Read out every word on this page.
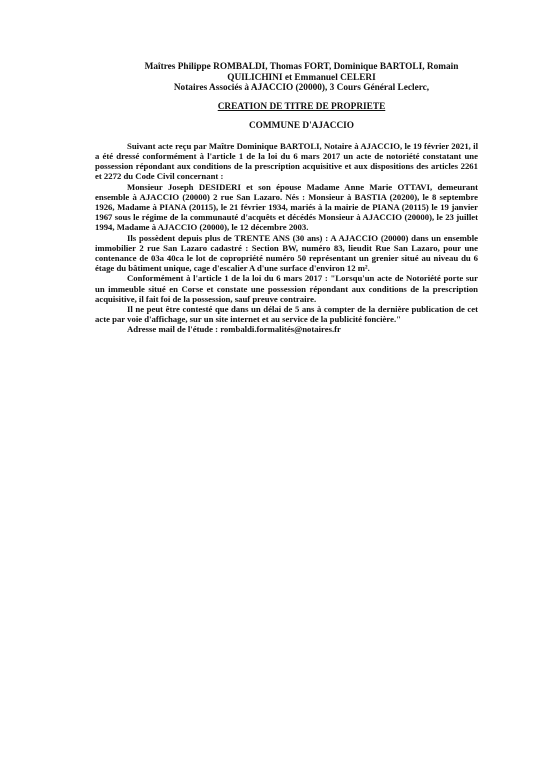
Maîtres Philippe ROMBALDI, Thomas FORT, Dominique BARTOLI, Romain
QUILICHINI et Emmanuel CELERI
Notaires Associés à AJACCIO (20000), 3 Cours Général Leclerc,
CREATION DE TITRE DE PROPRIETE
COMMUNE D'AJACCIO

Suivant acte reçu par Maître Dominique BARTOLI, Notaire à AJACCIO, le 19 février 2021, il a été dressé conformément à l'article 1 de la loi du 6 mars 2017 un acte de notoriété constatant une possession répondant aux conditions de la prescription acquisitive et aux dispositions des articles 2261 et 2272 du Code Civil concernant :

Monsieur Joseph DESIDERI et son épouse Madame Anne Marie OTTAVI, demeurant ensemble à AJACCIO (20000) 2 rue San Lazaro. Nés : Monsieur à BASTIA (20200), le 8 septembre 1926, Madame à PIANA (20115), le 21 février 1934, mariés à la mairie de PIANA (20115) le 19 janvier 1967 sous le régime de la communauté d'acquêts et décédés Monsieur à AJACCIO (20000), le 23 juillet 1994, Madame à AJACCIO (20000), le 12 décembre 2003.

Ils possèdent depuis plus de TRENTE ANS (30 ans) : A AJACCIO (20000) dans un ensemble immobilier 2 rue San Lazaro cadastré : Section BW, numéro 83, lieudit Rue San Lazaro, pour une contenance de 03a 40ca le lot de copropriété numéro 50 représentant un grenier situé au niveau du 6 étage du bâtiment unique, cage d'escalier A d'une surface d'environ 12 m².

Conformément à l'article 1 de la loi du 6 mars 2017 : "Lorsqu'un acte de Notoriété porte sur un immeuble situé en Corse et constate une possession répondant aux conditions de la prescription acquisitive, il fait foi de la possession, sauf preuve contraire.

Il ne peut être contesté que dans un délai de 5 ans à compter de la dernière publication de cet acte par voie d'affichage, sur un site internet et au service de la publicité foncière."

Adresse mail de l'étude : rombaldi.formalités@notaires.fr
